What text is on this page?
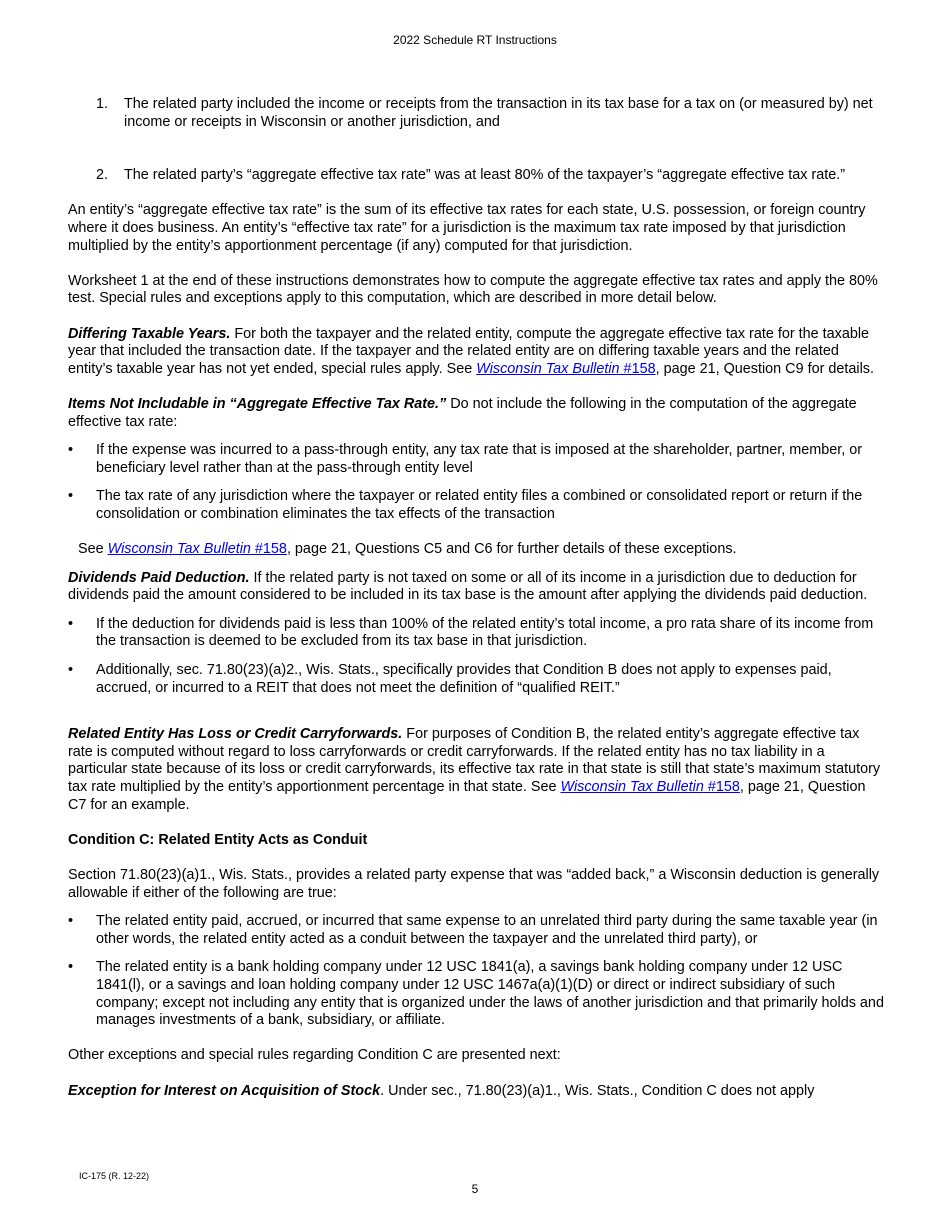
2022 Schedule RT Instructions
1. The related party included the income or receipts from the transaction in its tax base for a tax on (or measured by) net income or receipts in Wisconsin or another jurisdiction, and
2. The related party’s “aggregate effective tax rate” was at least 80% of the taxpayer’s “aggregate effective tax rate.”

An entity’s “aggregate effective tax rate” is the sum of its effective tax rates for each state, U.S. possession, or foreign country where it does business. An entity’s “effective tax rate” for a jurisdiction is the maximum tax rate imposed by that jurisdiction multiplied by the entity’s apportionment percentage (if any) computed for that jurisdiction.

Worksheet 1 at the end of these instructions demonstrates how to compute the aggregate effective tax rates and apply the 80% test. Special rules and exceptions apply to this computation, which are described in more detail below.

Differing Taxable Years. For both the taxpayer and the related entity, compute the aggregate effective tax rate for the taxable year that included the transaction date. If the taxpayer and the related entity are on differing taxable years and the related entity’s taxable year has not yet ended, special rules apply. See Wisconsin Tax Bulletin #158, page 21, Question C9 for details.

Items Not Includable in “Aggregate Effective Tax Rate.” Do not include the following in the computation of the aggregate effective tax rate:

• If the expense was incurred to a pass-through entity, any tax rate that is imposed at the shareholder, partner, member, or beneficiary level rather than at the pass-through entity level
• The tax rate of any jurisdiction where the taxpayer or related entity files a combined or consolidated report or return if the consolidation or combination eliminates the tax effects of the transaction

See Wisconsin Tax Bulletin #158, page 21, Questions C5 and C6 for further details of these exceptions.

Dividends Paid Deduction. If the related party is not taxed on some or all of its income in a jurisdiction due to deduction for dividends paid the amount considered to be included in its tax base is the amount after applying the dividends paid deduction.

• If the deduction for dividends paid is less than 100% of the related entity’s total income, a pro rata share of its income from the transaction is deemed to be excluded from its tax base in that jurisdiction.
• Additionally, sec. 71.80(23)(a)2., Wis. Stats., specifically provides that Condition B does not apply to expenses paid, accrued, or incurred to a REIT that does not meet the definition of “qualified REIT.”

Related Entity Has Loss or Credit Carryforwards. For purposes of Condition B, the related entity’s aggregate effective tax rate is computed without regard to loss carryforwards or credit carryforwards. If the related entity has no tax liability in a particular state because of its loss or credit carryforwards, its effective tax rate in that state is still that state’s maximum statutory tax rate multiplied by the entity’s apportionment percentage in that state. See Wisconsin Tax Bulletin #158, page 21, Question C7 for an example.

Condition C: Related Entity Acts as Conduit

Section 71.80(23)(a)1., Wis. Stats., provides a related party expense that was “added back,” a Wisconsin deduction is generally allowable if either of the following are true:

• The related entity paid, accrued, or incurred that same expense to an unrelated third party during the same taxable year (in other words, the related entity acted as a conduit between the taxpayer and the unrelated third party), or
• The related entity is a bank holding company under 12 USC 1841(a), a savings bank holding company under 12 USC 1841(l), or a savings and loan holding company under 12 USC 1467a(a)(1)(D) or direct or indirect subsidiary of such company; except not including any entity that is organized under the laws of another jurisdiction and that primarily holds and manages investments of a bank, subsidiary, or affiliate.

Other exceptions and special rules regarding Condition C are presented next:

Exception for Interest on Acquisition of Stock. Under sec., 71.80(23)(a)1., Wis. Stats., Condition C does not apply

IC-175 (R. 12-22)
5
